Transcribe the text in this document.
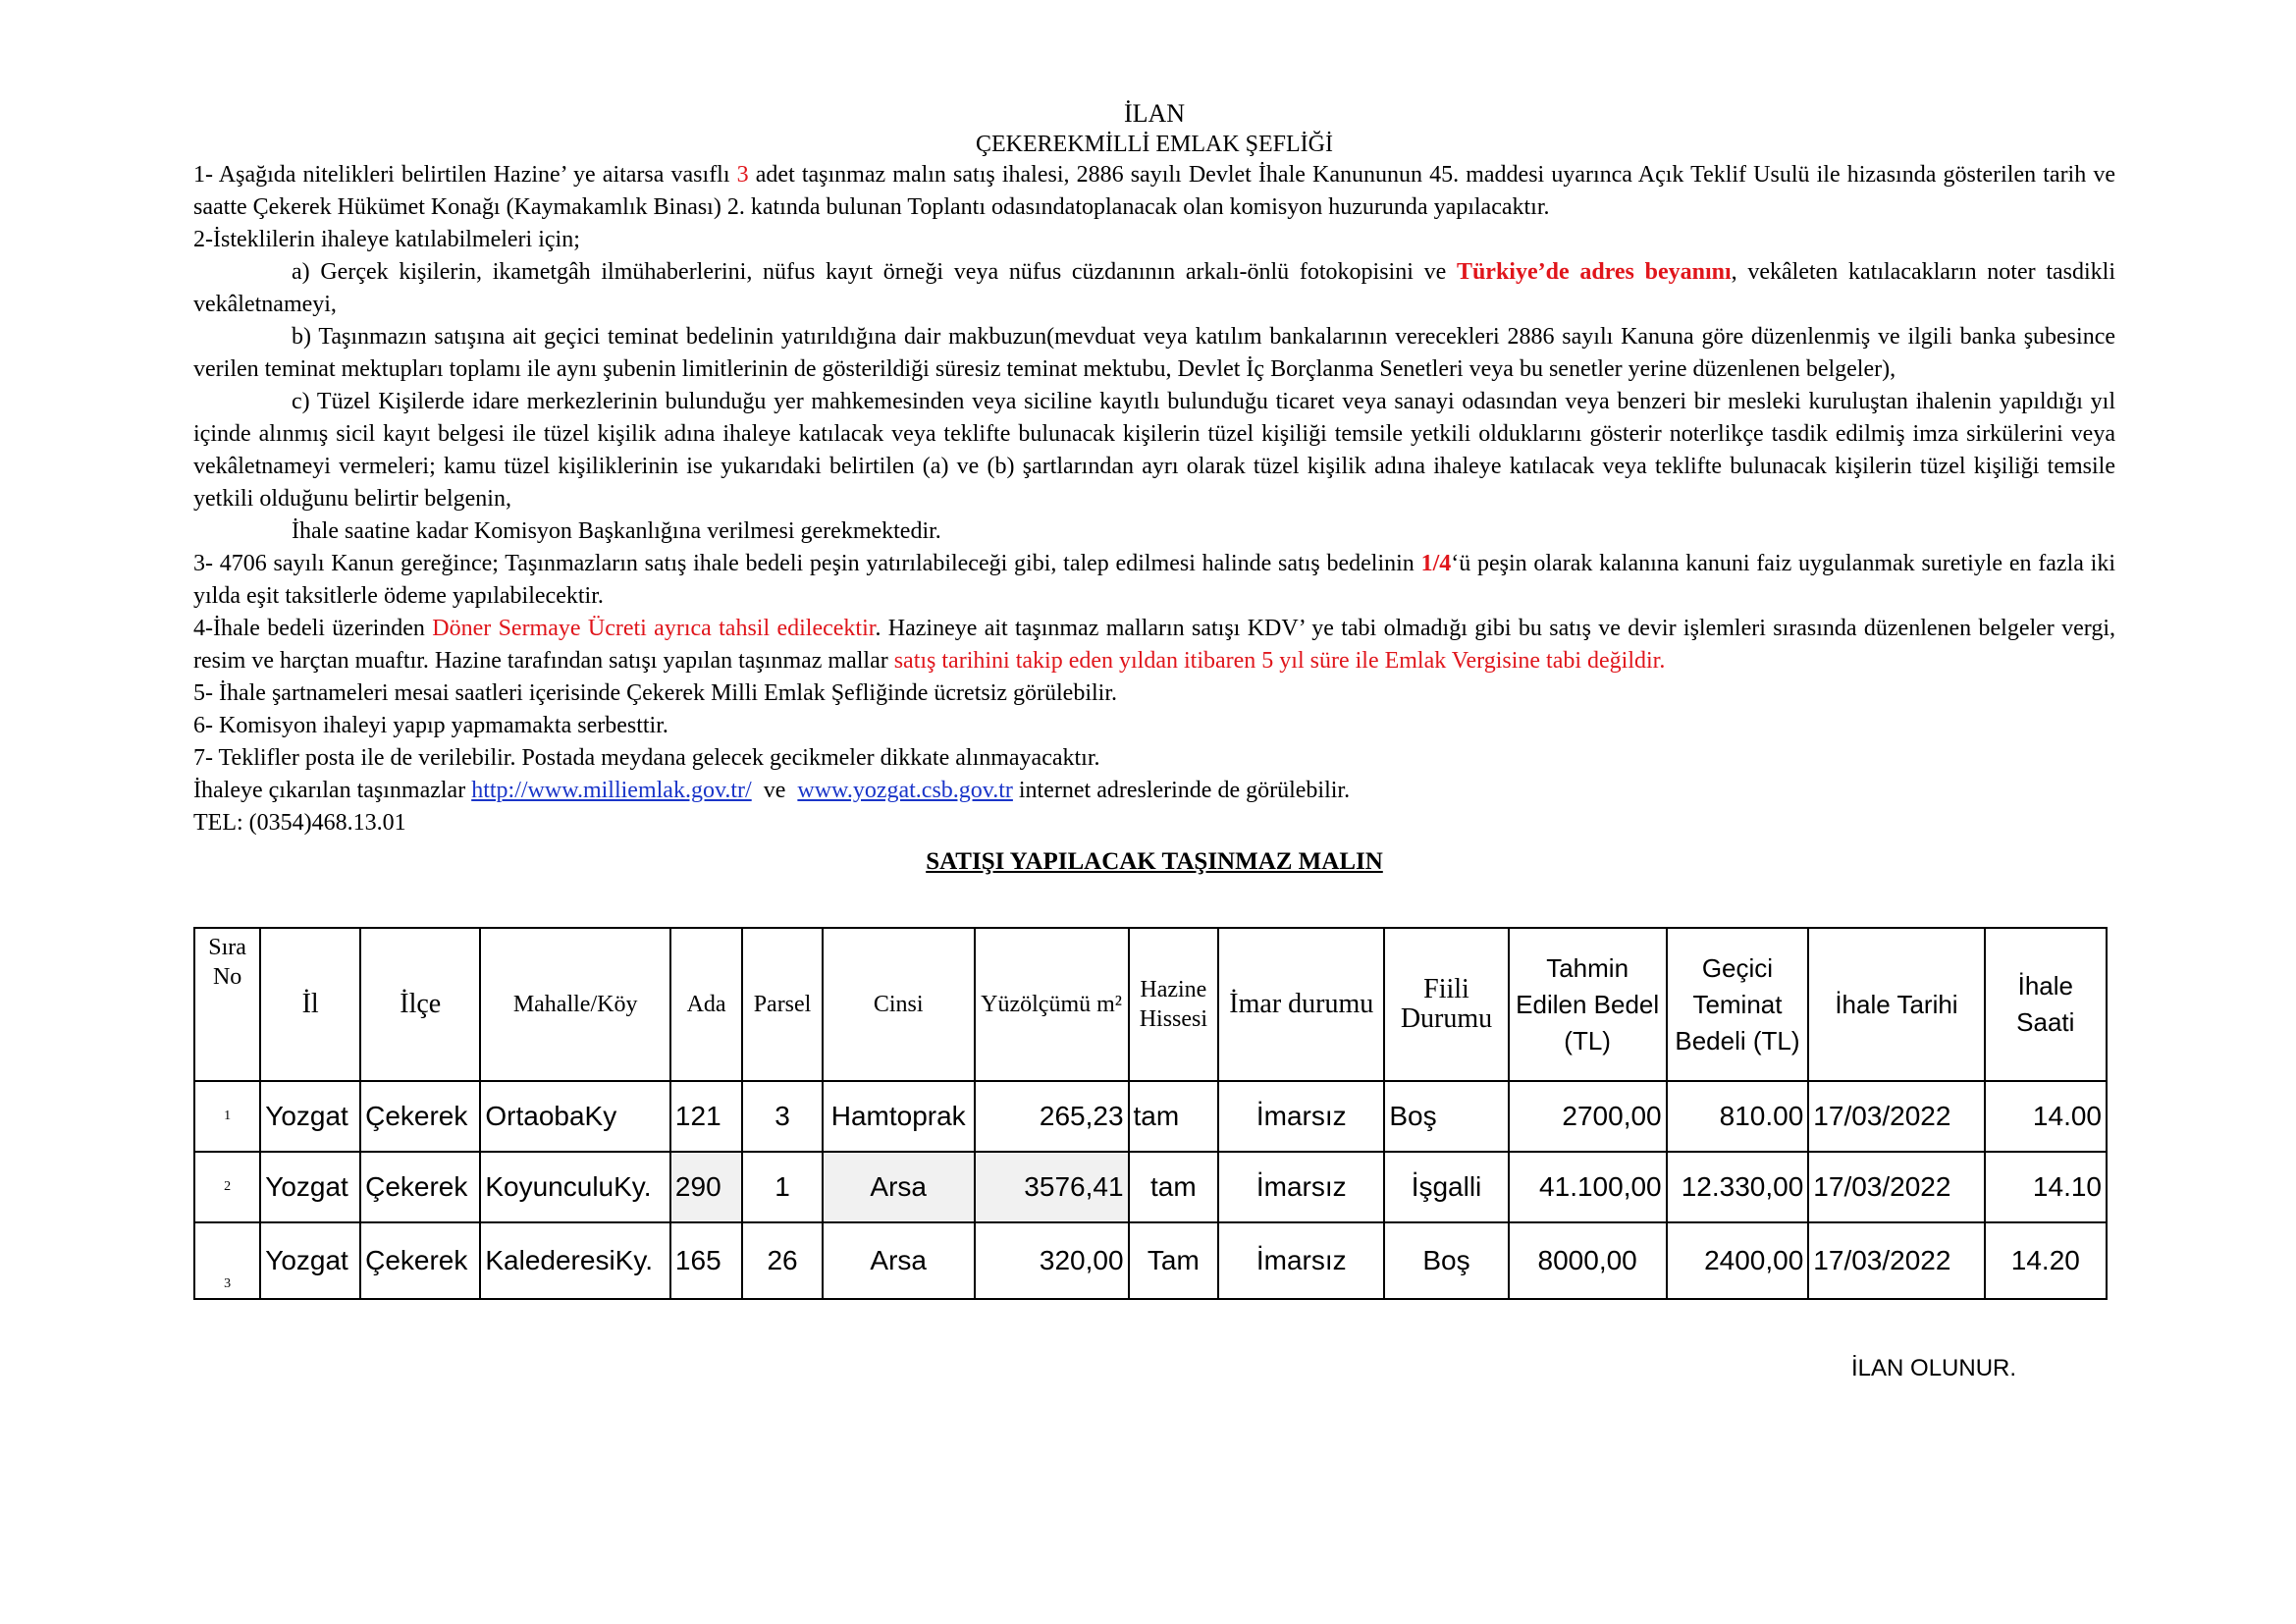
İLAN
ÇEKEREKMİLLİ EMLAK ŞEFLİĞİ

1- Aşağıda nitelikleri belirtilen Hazine’ ye aitarsa vasıflı 3 adet taşınmaz malın satış ihalesi, 2886 sayılı Devlet İhale Kanununun 45. maddesi uyarınca Açık Teklif Usulü ile hizasında gösterilen tarih ve saatte Çekerek Hükümet Konağı (Kaymakamlık Binası) 2. katında bulunan Toplantı odasındatoplanacak olan komisyon huzurunda yapılacaktır.

2-İsteklilerin ihaleye katılabilmeleri için;

a) Gerçek kişilerin, ikametgâh ilmühaberlerini, nüfus kayıt örneği veya nüfus cüzdanının arkalı-önlü fotokopisini ve Türkiye’de adres beyanını, vekâleten katılacakların noter tasdikli vekâletnameyi,

b) Taşınmazın satışına ait geçici teminat bedelinin yatırıldığına dair makbuzun(mevduat veya katılım bankalarının verecekleri 2886 sayılı Kanuna göre düzenlenmiş ve ilgili banka şubesince verilen teminat mektupları toplamı ile aynı şubenin limitlerinin de gösterildiği süresiz teminat mektubu, Devlet İç Borçlanma Senetleri veya bu senetler yerine düzenlenen belgeler),

c) Tüzel Kişilerde idare merkezlerinin bulunduğu yer mahkemesinden veya siciline kayıtlı bulunduğu ticaret veya sanayi odasından veya benzeri bir mesleki kuruluştan ihalenin yapıldığı yıl içinde alınmış sicil kayıt belgesi ile tüzel kişilik adına ihaleye katılacak veya teklifte bulunacak kişilerin tüzel kişiliği temsile yetkili olduklarını gösterir noterlikçe tasdik edilmiş imza sirkülerini veya vekâletnameyi vermeleri; kamu tüzel kişiliklerinin ise yukarıdaki belirtilen (a) ve (b) şartlarından ayrı olarak tüzel kişilik adına ihaleye katılacak veya teklifte bulunacak kişilerin tüzel kişiliği temsile yetkili olduğunu belirtir belgenin,

İhale saatine kadar Komisyon Başkanlığına verilmesi gerekmektedir.

3- 4706 sayılı Kanun gereğince; Taşınmazların satış ihale bedeli peşin yatırılabileceği gibi, talep edilmesi halinde satış bedelinin 1/4‘ü peşin olarak kalanına kanuni faiz uygulanmak suretiyle en fazla iki yılda eşit taksitlerle ödeme yapılabilecektir.

4-İhale bedeli üzerinden Döner Sermaye Ücreti ayrıca tahsil edilecektir. Hazineye ait taşınmaz malların satışı KDV’ ye tabi olmadığı gibi bu satış ve devir işlemleri sırasında düzenlenen belgeler vergi, resim ve harçtan muaftır. Hazine tarafından satışı yapılan taşınmaz mallar satış tarihini takip eden yıldan itibaren 5 yıl süre ile Emlak Vergisine tabi değildir.

5- İhale şartnameleri mesai saatleri içerisinde Çekerek Milli Emlak Şefliğinde ücretsiz görülebilir.

6- Komisyon ihaleyi yapıp yapmamakta serbesttir.

7- Teklifler posta ile de verilebilir. Postada meydana gelecek gecikmeler dikkate alınmayacaktır.

İhaleye çıkarılan taşınmazlar http://www.milliemlak.gov.tr/  ve  www.yozgat.csb.gov.tr internet adreslerinde de görülebilir.

TEL: (0354)468.13.01

SATIŞI YAPILACAK TAŞINMAZ MALIN
Sıra No	İl	İlçe	Mahalle/Köy	Ada	Parsel	Cinsi	Yüzölçümü m²	Hazine Hissesi	İmar durumu	Fiili Durumu	Tahmin Edilen Bedel (TL)	Geçici Teminat Bedeli (TL)	İhale Tarihi	İhale Saati
1	Yozgat	Çekerek	OrtaobaKy	121	3	Hamtoprak	265,23	tam	İmarsız	Boş	2700,00	810.00	17/03/2022	14.00
2	Yozgat	Çekerek	KoyunculuKy.	290	1	Arsa	3576,41	tam	İmarsız	İşgalli	41.100,00	12.330,00	17/03/2022	14.10
3	Yozgat	Çekerek	KalederesiKy.	165	26	Arsa	320,00	Tam	İmarsız	Boş	8000,00	2400,00	17/03/2022	14.20
İLAN OLUNUR.
